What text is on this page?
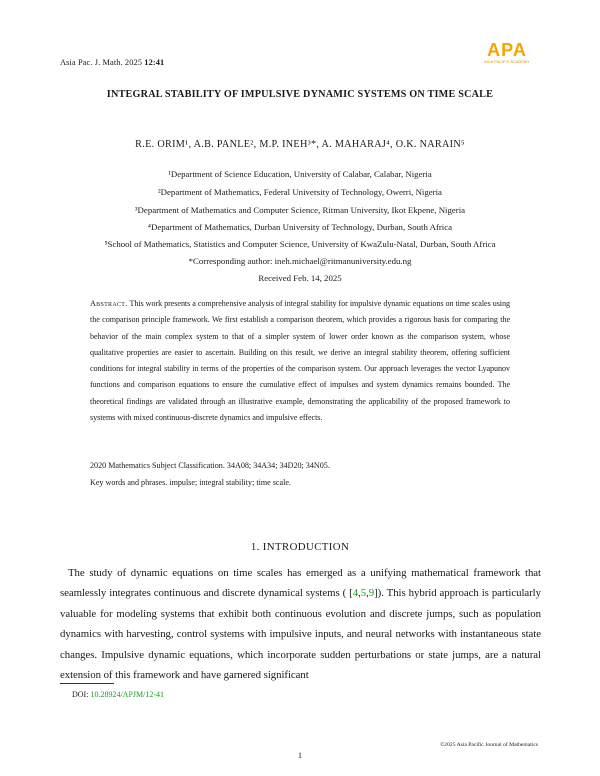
Asia Pac. J. Math. 2025 12:41
APA
ASIA PACIFIC ACADEMY
INTEGRAL STABILITY OF IMPULSIVE DYNAMIC SYSTEMS ON TIME SCALE
R.E. ORIM¹, A.B. PANLE², M.P. INEH³*, A. MAHARAJ⁴, O.K. NARAIN⁵
¹Department of Science Education, University of Calabar, Calabar, Nigeria
²Department of Mathematics, Federal University of Technology, Owerri, Nigeria
³Department of Mathematics and Computer Science, Ritman University, Ikot Ekpene, Nigeria
⁴Department of Mathematics, Durban University of Technology, Durban, South Africa
⁵School of Mathematics, Statistics and Computer Science, University of KwaZulu-Natal, Durban, South Africa
*Corresponding author: ineh.michael@ritmanuniversity.edu.ng
Received Feb. 14, 2025
Abstract. This work presents a comprehensive analysis of integral stability for impulsive dynamic equations on time scales using the comparison principle framework. We first establish a comparison theorem, which provides a rigorous basis for comparing the behavior of the main complex system to that of a simpler system of lower order known as the comparison system, whose qualitative properties are easier to ascertain. Building on this result, we derive an integral stability theorem, offering sufficient conditions for integral stability in terms of the properties of the comparison system. Our approach leverages the vector Lyapunov functions and comparison equations to ensure the cumulative effect of impulses and system dynamics remains bounded. The theoretical findings are validated through an illustrative example, demonstrating the applicability of the proposed framework to systems with mixed continuous-discrete dynamics and impulsive effects.
2020 Mathematics Subject Classification. 34A08; 34A34; 34D20; 34N05.
Key words and phrases. impulse; integral stability; time scale.
1. INTRODUCTION
The study of dynamic equations on time scales has emerged as a unifying mathematical framework that seamlessly integrates continuous and discrete dynamical systems ( [4,5,9]). This hybrid approach is particularly valuable for modeling systems that exhibit both continuous evolution and discrete jumps, such as population dynamics with harvesting, control systems with impulsive inputs, and neural networks with instantaneous state changes. Impulsive dynamic equations, which incorporate sudden perturbations or state jumps, are a natural extension of this framework and have garnered significant
DOI: 10.28924/APJM/12-41
©2025 Asia Pacific Journal of Mathematics
1
